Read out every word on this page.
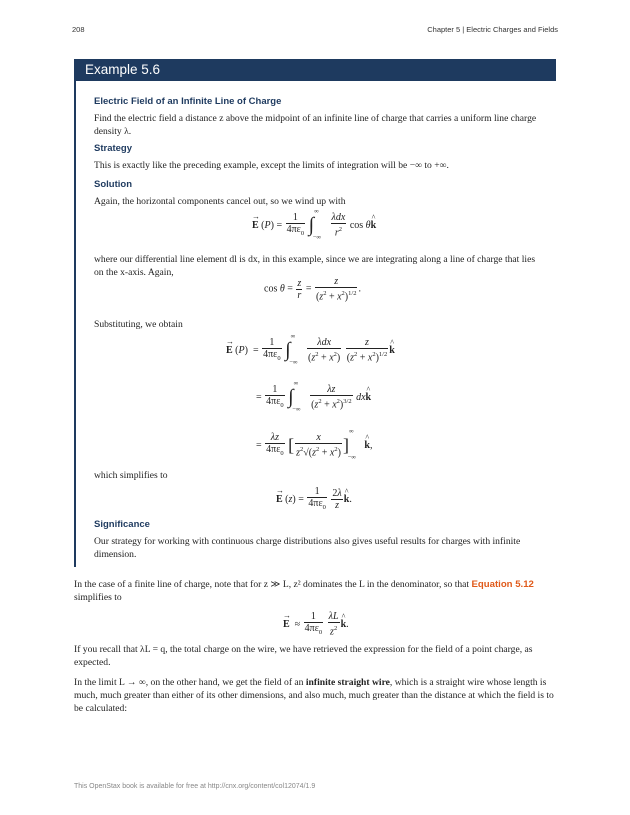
208	Chapter 5 | Electric Charges and Fields
Example 5.6
Electric Field of an Infinite Line of Charge
Find the electric field a distance z above the midpoint of an infinite line of charge that carries a uniform line charge density λ.
Strategy
This is exactly like the preceding example, except the limits of integration will be −∞ to +∞.
Solution
Again, the horizontal components cancel out, so we wind up with
→ E $(P) = \frac{1}{4\pi\varepsilon_0} \int^\infty_{-\infty} \frac{\text{λdx}}{r^2}$ cos θ^ k
where our differential line element dl is dx, in this example, since we are integrating along a line of charge that lies on the x-axis. Again,
$\cos \theta = \frac{z}{r} = \frac{z}{(z^2 + x^2)^{1/2}}$ .
Substituting, we obtain
→ E $(P) = \frac{1}{4\pi\varepsilon_0} \int^\infty_{-\infty} \frac{\text{λdx}}{(z^2 + x^2)}$
$\frac{z}{(z^2 + x^2)^{1/2}}$ ^ k
= $\frac{1}{4\pi\varepsilon_0} \int^\infty_{-\infty} \frac{\lambda z}{(z^2 + x^2)^{3/2}}$ dx^ k
= $\frac{\lambda z}{4\pi\varepsilon_0}$ [ $\frac{x}{z^2√(z^2 + x^2)} ]^\infty_{-\infty}$ ^ k,
which simplifies to
→ E $(z) = \frac{1}{4\pi\varepsilon_0}$
$\frac{2\lambda}{z}$ ^ k.
Significance
Our strategy for working with continuous charge distributions also gives useful results for charges with infinite dimension.
In the case of a finite line of charge, note that for z ≫ L, z² dominates the L in the denominator, so that Equation 5.12 simplifies to
→ $E \approx \frac{1}{4\pi\varepsilon_0}$
$\frac{\lambda L}{z^2}$ ^ k.
If you recall that λL = q, the total charge on the wire, we have retrieved the expression for the field of a point charge, as expected.
In the limit L → ∞, on the other hand, we get the field of an infinite straight wire, which is a straight wire whose length is much, much greater than either of its other dimensions, and also much, much greater than the distance at which the field is to be calculated:
This OpenStax book is available for free at http://cnx.org/content/col12074/1.9
